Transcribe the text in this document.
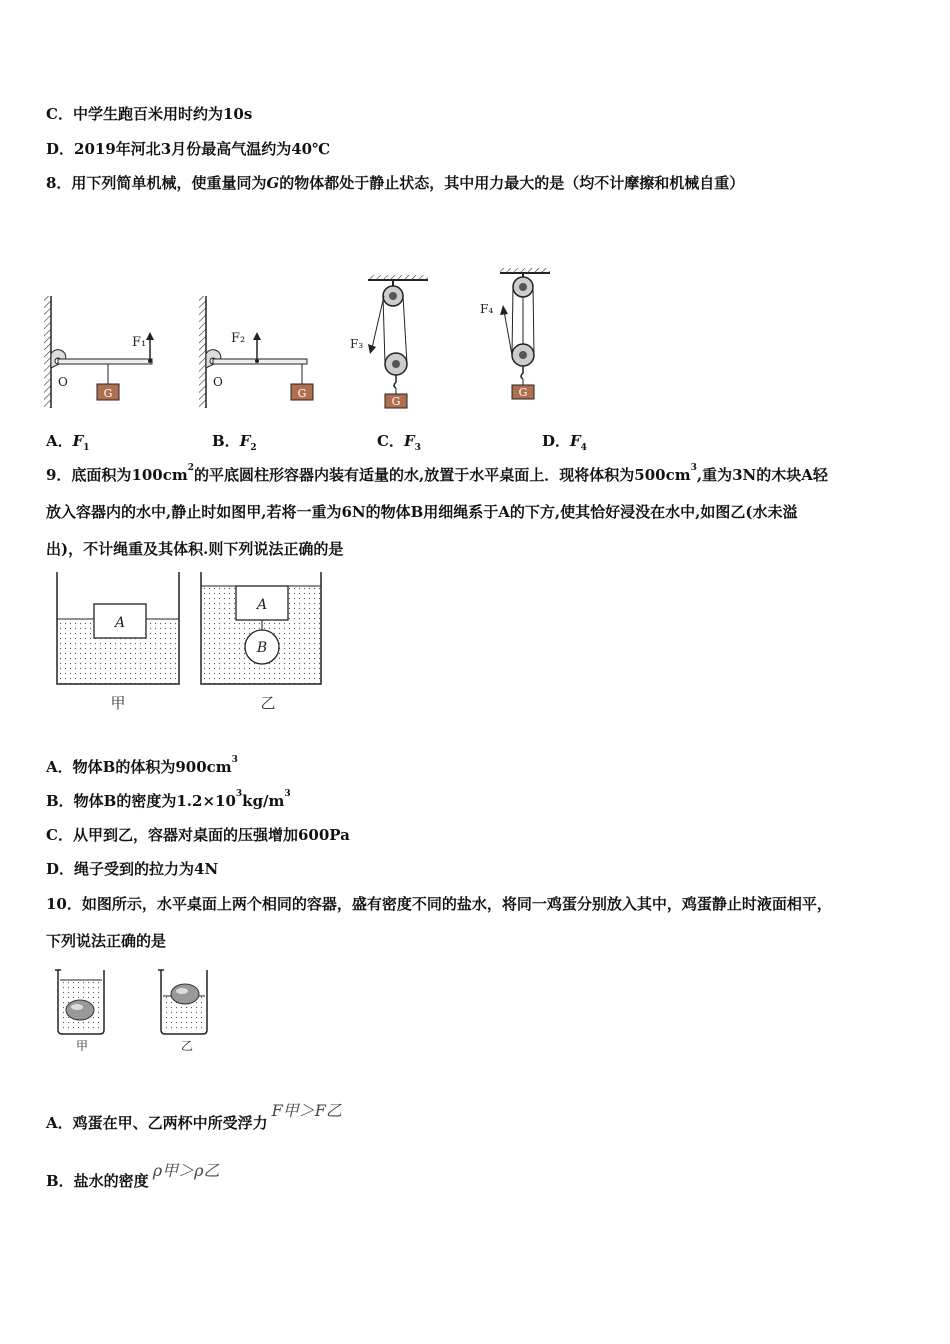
C．中学生跑百米用时约为10s
D．2019年河北3月份最高气温约为40℃
8．用下列简单机械，使重量同为G的物体都处于静止状态，其中用力最大的是（均不计摩擦和机械自重）
G
O
F₁
G
O
F₂
G
F₃
G
F₄
A．$F_1$	B．$F_2$	C．$F_3$	D．$F_4$
9．底面积为$100cm^2$的平底圆柱形容器内装有适量的水,放置于水平桌面上．现将体积为$500cm^3$,重为3N的木块A轻
放入容器内的水中,静止时如图甲,若将一重为6N的物体B用细绳系于A的下方,使其恰好浸没在水中,如图乙(水未溢
出)，不计绳重及其体积.则下列说法正确的是
A
甲
A
B
乙
A．物体B的体积为$900cm^3$
B．物体B的密度为$1.2\times 10^3kg/m^3$
C．从甲到乙，容器对桌面的压强增加600Pa
D．绳子受到的拉力为4N
10．如图所示，水平桌面上两个相同的容器，盛有密度不同的盐水，将同一鸡蛋分别放入其中，鸡蛋静止时液面相平，
下列说法正确的是
甲	乙
A．鸡蛋在甲、乙两杯中所受浮力F甲＞F乙
B．盐水的密度ρ甲＞ρ乙
